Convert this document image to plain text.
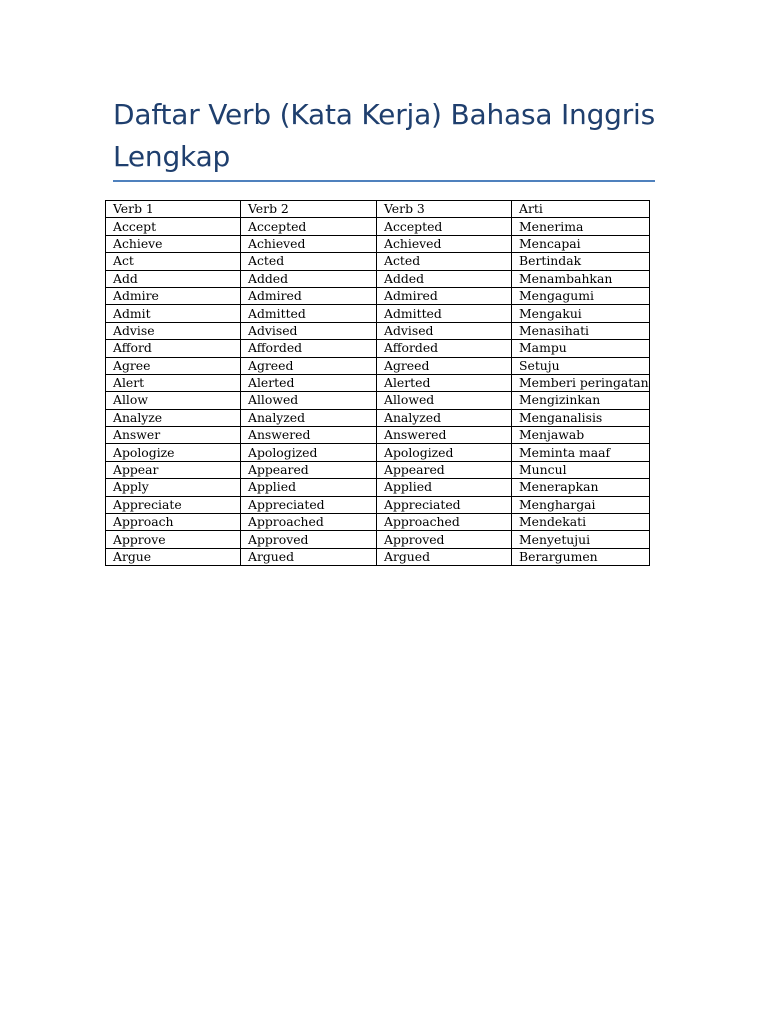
Daftar Verb (Kata Kerja) Bahasa Inggris Lengkap
Verb 1	Verb 2	Verb 3	Arti
Accept	Accepted	Accepted	Menerima
Achieve	Achieved	Achieved	Mencapai
Act	Acted	Acted	Bertindak
Add	Added	Added	Menambahkan
Admire	Admired	Admired	Mengagumi
Admit	Admitted	Admitted	Mengakui
Advise	Advised	Advised	Menasihati
Afford	Afforded	Afforded	Mampu
Agree	Agreed	Agreed	Setuju
Alert	Alerted	Alerted	Memberi peringatan
Allow	Allowed	Allowed	Mengizinkan
Analyze	Analyzed	Analyzed	Menganalisis
Answer	Answered	Answered	Menjawab
Apologize	Apologized	Apologized	Meminta maaf
Appear	Appeared	Appeared	Muncul
Apply	Applied	Applied	Menerapkan
Appreciate	Appreciated	Appreciated	Menghargai
Approach	Approached	Approached	Mendekati
Approve	Approved	Approved	Menyetujui
Argue	Argued	Argued	Berargumen
